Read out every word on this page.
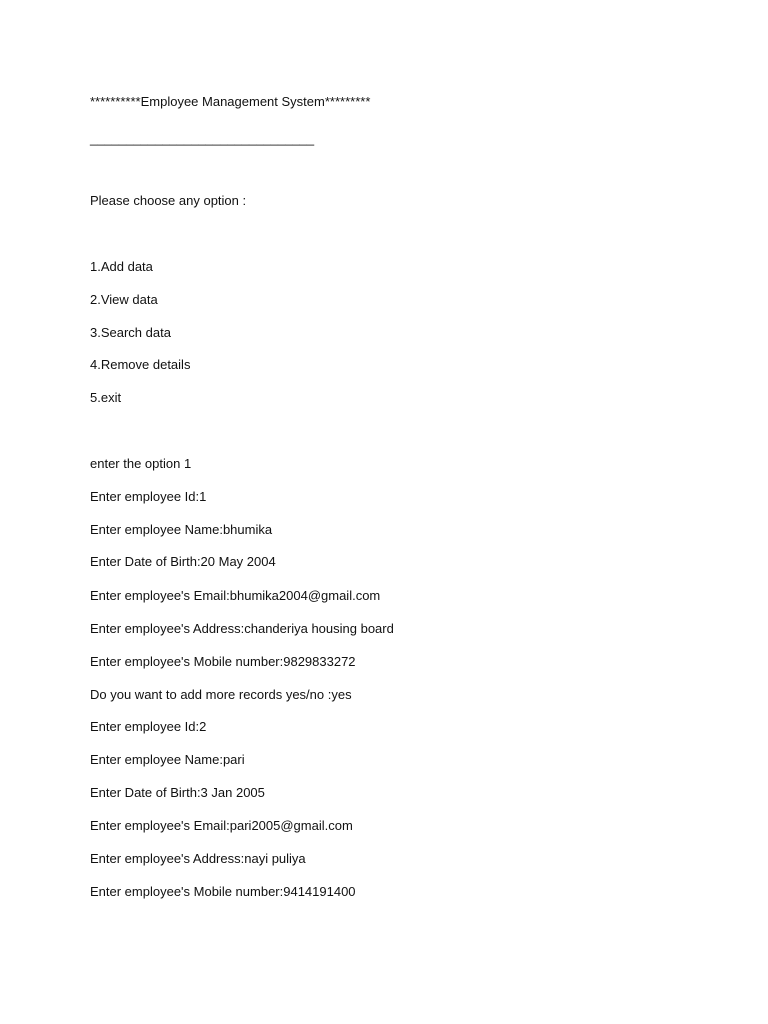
**********Employee Management System*********
_______________________________
Please choose any option :
1.Add data
2.View data
3.Search data
4.Remove details
5.exit
enter the option 1
Enter employee Id:1
Enter employee Name:bhumika
Enter Date of Birth:20 May 2004
Enter employee's Email:bhumika2004@gmail.com
Enter employee's Address:chanderiya housing board
Enter employee's Mobile number:9829833272
Do you want to add more records yes/no :yes
Enter employee Id:2
Enter employee Name:pari
Enter Date of Birth:3 Jan 2005
Enter employee's Email:pari2005@gmail.com
Enter employee's Address:nayi puliya
Enter employee's Mobile number:9414191400
